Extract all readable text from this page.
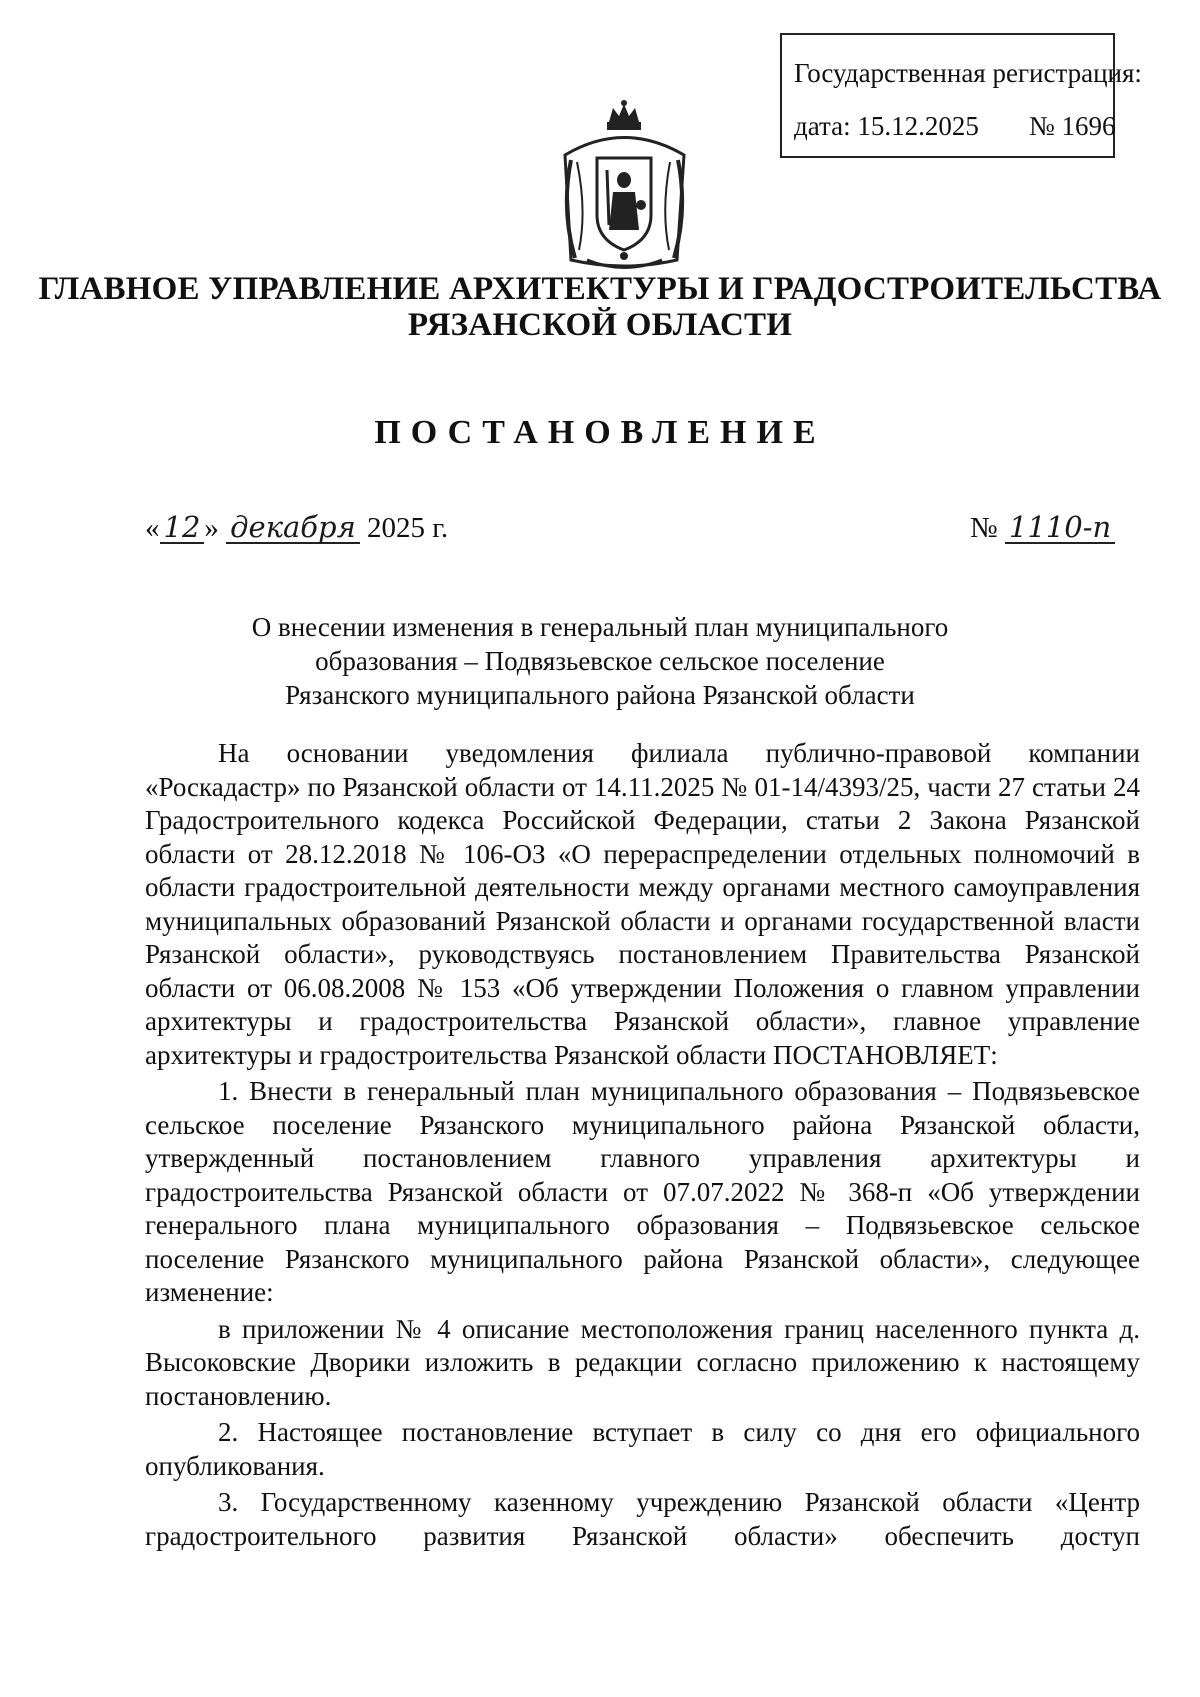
Государственная регистрация:
дата: 15.12.2025 № 1696
ГЛАВНОЕ УПРАВЛЕНИЕ АРХИТЕКТУРЫ И ГРАДОСТРОИТЕЛЬСТВА
РЯЗАНСКОЙ ОБЛАСТИ
ПОСТАНОВЛЕНИЕ
« 12 » декабря 2025 г.	№ 1110-п
О внесении изменения в генеральный план муниципального
образования – Подвязьевское сельское поселение
Рязанского муниципального района Рязанской области

На основании уведомления филиала публично-правовой компании «Роскадастр» по Рязанской области от 14.11.2025 № 01-14/4393/25, части 27 статьи 24 Градостроительного кодекса Российской Федерации, статьи 2 Закона Рязанской области от 28.12.2018 № 106-ОЗ «О перераспределении отдельных полномочий в области градостроительной деятельности между органами местного самоуправления муниципальных образований Рязанской области и органами государственной власти Рязанской области», руководствуясь постановлением Правительства Рязанской области от 06.08.2008 № 153 «Об утверждении Положения о главном управлении архитектуры и градостроительства Рязанской области», главное управление архитектуры и градостроительства Рязанской области ПОСТАНОВЛЯЕТ:

1. Внести в генеральный план муниципального образования – Подвязьевское сельское поселение Рязанского муниципального района Рязанской области, утвержденный постановлением главного управления архитектуры и градостроительства Рязанской области от 07.07.2022 № 368-п «Об утверждении генерального плана муниципального образования – Подвязьевское сельское поселение Рязанского муниципального района Рязанской области», следующее изменение:

в приложении № 4 описание местоположения границ населенного пункта д. Высоковские Дворики изложить в редакции согласно приложению к настоящему постановлению.

2. Настоящее постановление вступает в силу со дня его официального опубликования.

3. Государственному казенному учреждению Рязанской области «Центр градостроительного развития Рязанской области» обеспечить доступ
